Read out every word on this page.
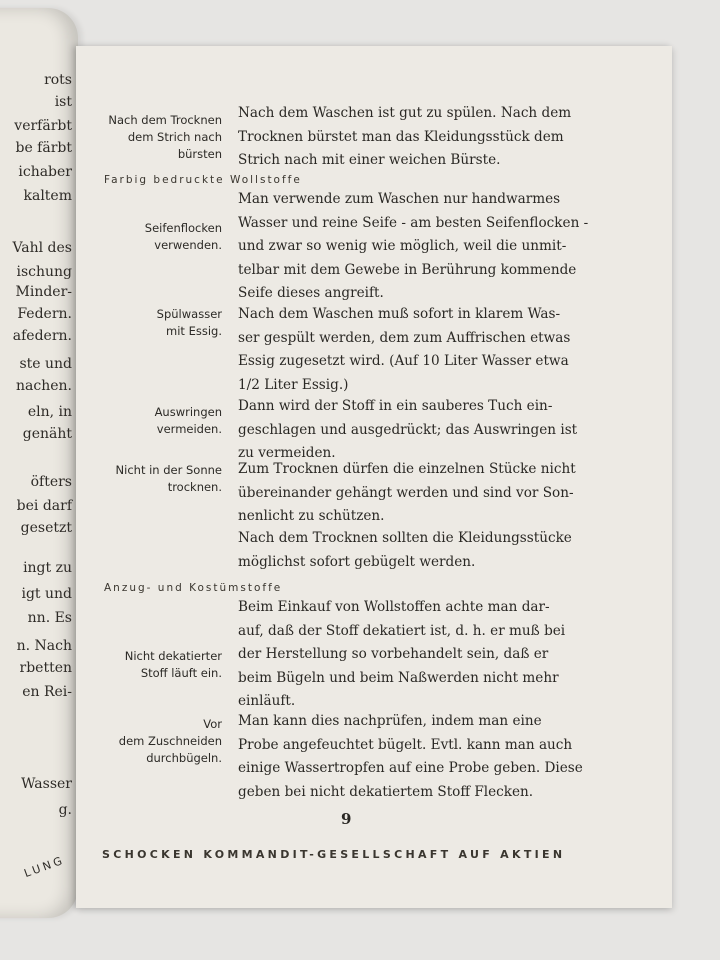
rots
ist
verfärbt
be färbt
ichaber
kaltem
Vahl des
ischung
Minder-
Federn.
afedern.
ste und
nachen.
eln, in
genäht
öfters
bei darf
gesetzt
ingt zu
igt und
nn. Es
n. Nach
rbetten
en Rei-
Wasser
g.
LUNG
Nach dem Trocknen
dem Strich nach
bürsten
Nach dem Waschen ist gut zu spülen. Nach dem
Trocknen bürstet man das Kleidungsstück dem
Strich nach mit einer weichen Bürste.
Farbig bedruckte Wollstoffe
Seifenflocken
verwenden.
Man verwende zum Waschen nur handwarmes
Wasser und reine Seife - am besten Seifenflocken -
und zwar so wenig wie möglich, weil die unmit-
telbar mit dem Gewebe in Berührung kommende
Seife dieses angreift.
Spülwasser
mit Essig.
Nach dem Waschen muß sofort in klarem Was-
ser gespült werden, dem zum Auffrischen etwas
Essig zugesetzt wird. (Auf 10 Liter Wasser etwa
1/2 Liter Essig.)
Auswringen
vermeiden.
Dann wird der Stoff in ein sauberes Tuch ein-
geschlagen und ausgedrückt; das Auswringen ist
zu vermeiden.
Nicht in der Sonne
trocknen.
Zum Trocknen dürfen die einzelnen Stücke nicht
übereinander gehängt werden und sind vor Son-
nenlicht zu schützen.
Nach dem Trocknen sollten die Kleidungsstücke
möglichst sofort gebügelt werden.
Anzug- und Kostümstoffe
Nicht dekatierter
Stoff läuft ein.
Beim Einkauf von Wollstoffen achte man dar-
auf, daß der Stoff dekatiert ist, d. h. er muß bei
der Herstellung so vorbehandelt sein, daß er
beim Bügeln und beim Naßwerden nicht mehr
einläuft.
Vor
dem Zuschneiden
durchbügeln.
Man kann dies nachprüfen, indem man eine
Probe angefeuchtet bügelt. Evtl. kann man auch
einige Wassertropfen auf eine Probe geben. Diese
geben bei nicht dekatiertem Stoff Flecken.
9
SCHOCKEN KOMMANDIT-GESELLSCHAFT AUF AKTIEN
